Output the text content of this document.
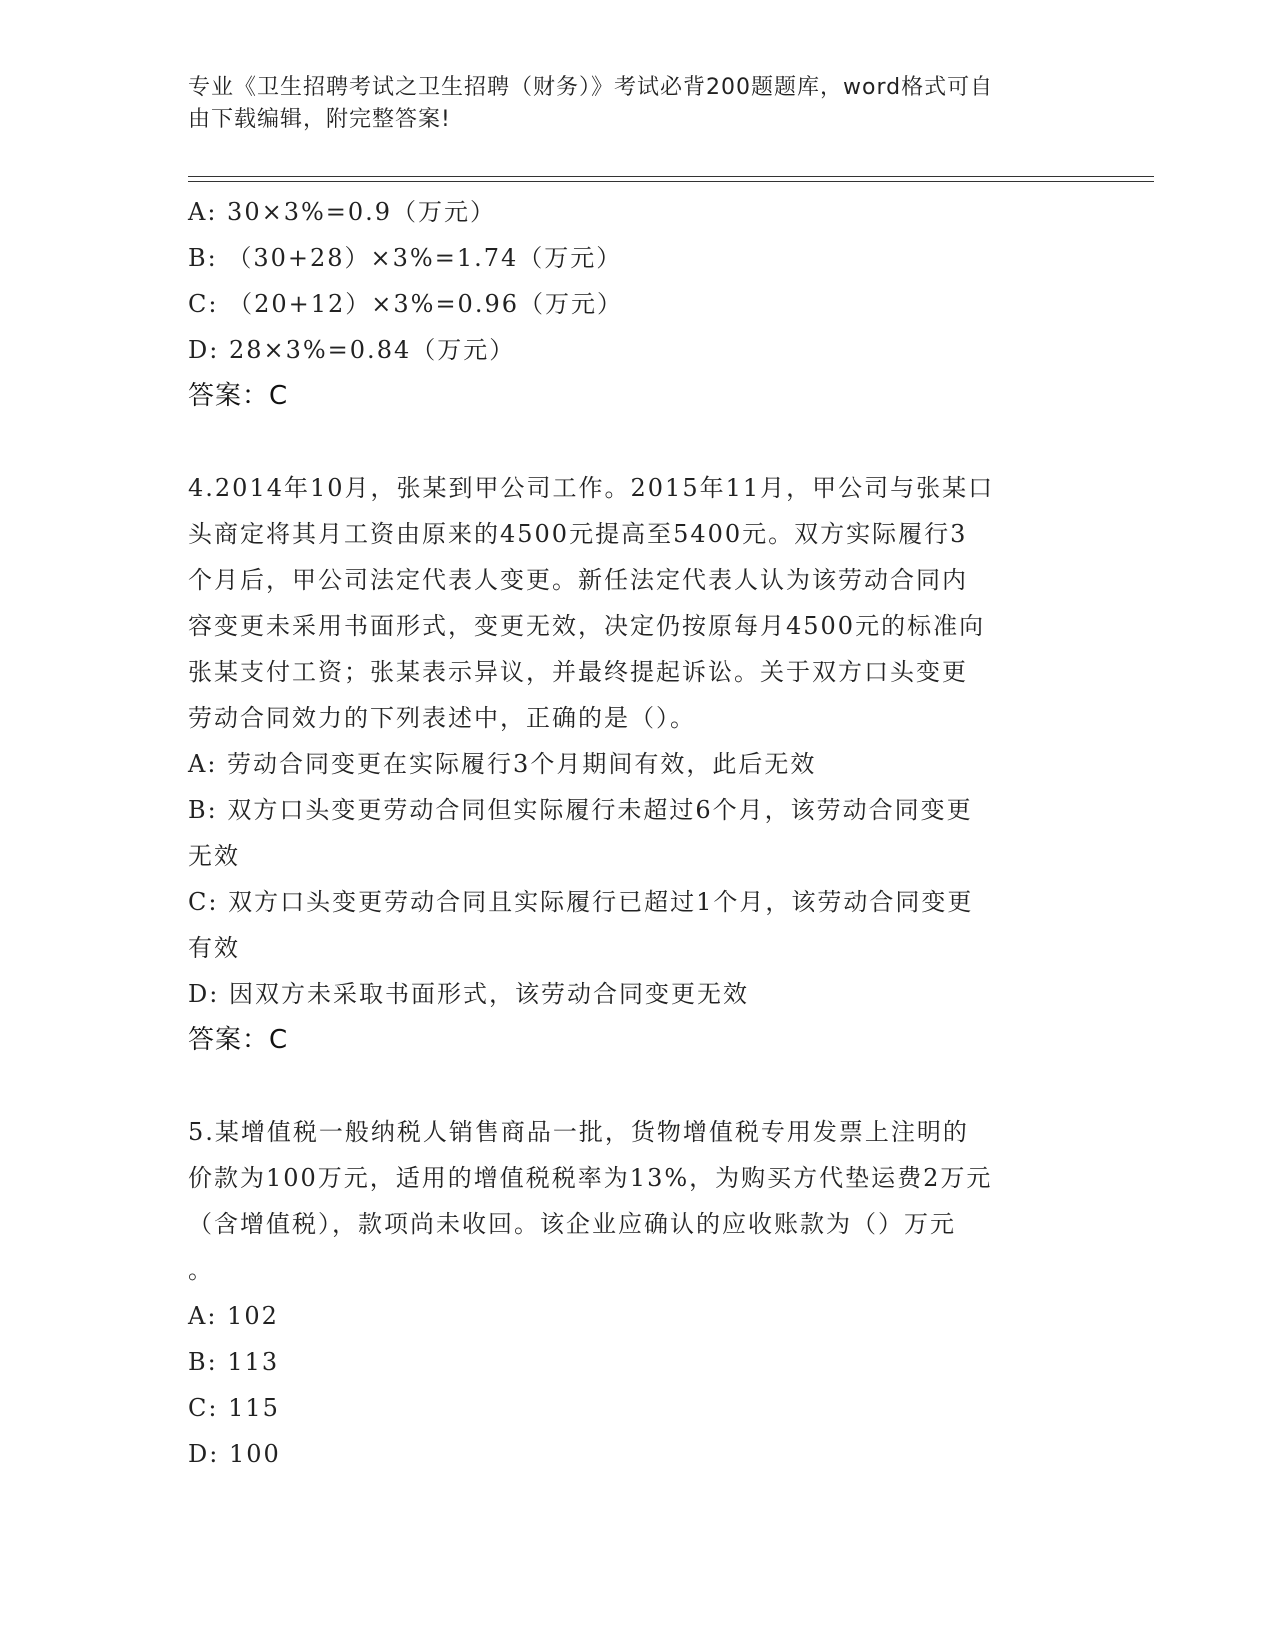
专业《卫生招聘考试之卫生招聘（财务）》考试必背200题题库，word格式可自
由下载编辑，附完整答案!
A: 30×3%=0.9（万元）
B: （30+28）×3%=1.74（万元）
C: （20+12）×3%=0.96（万元）
D: 28×3%=0.84（万元）
答案：C
4.2014年10月，张某到甲公司工作。2015年11月，甲公司与张某口
头商定将其月工资由原来的4500元提高至5400元。双方实际履行3
个月后，甲公司法定代表人变更。新任法定代表人认为该劳动合同内
容变更未采用书面形式，变更无效，决定仍按原每月4500元的标准向
张某支付工资；张某表示异议，并最终提起诉讼。关于双方口头变更
劳动合同效力的下列表述中，正确的是（）。
A: 劳动合同变更在实际履行3个月期间有效，此后无效
B: 双方口头变更劳动合同但实际履行未超过6个月，该劳动合同变更
无效
C: 双方口头变更劳动合同且实际履行已超过1个月，该劳动合同变更
有效
D: 因双方未采取书面形式，该劳动合同变更无效
答案：C
5.某增值税一般纳税人销售商品一批，货物增值税专用发票上注明的
价款为100万元，适用的增值税税率为13%，为购买方代垫运费2万元
（含增值税），款项尚未收回。该企业应确认的应收账款为（）万元
。
A: 102
B: 113
C: 115
D: 100
